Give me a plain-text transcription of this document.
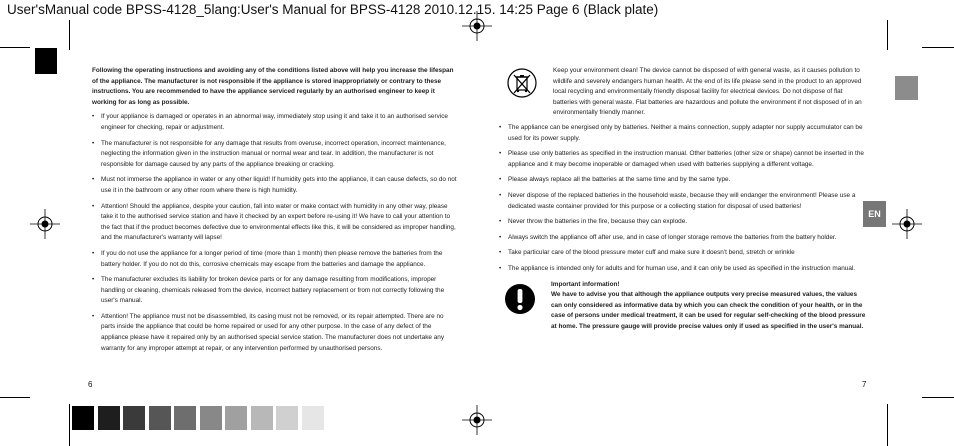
User'sManual code BPSS-4128_5lang:User's Manual for BPSS-4128 2010.12.15. 14:25 Page 6 (Black plate)
EN

Following the operating instructions and avoiding any of the conditions listed above will help you increase the lifespan of the appliance. The manufacturer is not responsible if the appliance is stored inappropriately or contrary to these instructions. You are recommended to have the appliance serviced regularly by an authorised engineer to keep it working for as long as possible.

• If your appliance is damaged or operates in an abnormal way, immediately stop using it and take it to an authorised service engineer for checking, repair or adjustment.
• The manufacturer is not responsible for any damage that results from overuse, incorrect operation, incorrect maintenance, neglecting the information given in the instruction manual or normal wear and tear. In addition, the manufacturer is not responsible for damage caused by any parts of the appliance breaking or cracking.
• Must not immerse the appliance in water or any other liquid! If humidity gets into the appliance, it can cause defects, so do not use it in the bathroom or any other room where there is high humidity.
• Attention! Should the appliance, despite your caution, fall into water or make contact with humidity in any other way, please take it to the authorised service station and have it checked by an expert before re-using it! We have to call your attention to the fact that if the product becomes defective due to environmental effects like this, it will be considered as improper handling, and the manufacturer's warranty will lapse!
• If you do not use the appliance for a longer period of time (more than 1 month) then please remove the batteries from the battery holder. If you do not do this, corrosive chemicals may escape from the batteries and damage the appliance.
• The manufacturer excludes its liability for broken device parts or for any damage resulting from modifications, improper handling or cleaning, chemicals released from the device, incorrect battery replacement or from not correctly following the user's manual.
• Attention! The appliance must not be disassembled, its casing must not be removed, or its repair attempted. There are no parts inside the appliance that could be home repaired or used for any other purpose. In the case of any defect of the appliance please have it repaired only by an authorised special service station. The manufacturer does not undertake any warranty for any improper attempt at repair, or any intervention performed by unauthorised persons.
6
Keep your environment clean! The device cannot be disposed of with general waste, as it causes pollution to wildlife and severely endangers human health. At the end of its life please send in the product to an approved local recycling and environmentally friendly disposal facility for electrical devices. Do not dispose of flat batteries with general waste. Flat batteries are hazardous and pollute the environment if not disposed of in an environmentally friendly manner.
• The appliance can be energised only by batteries. Neither a mains connection, supply adapter nor supply accumulator can be used for its power supply.
• Please use only batteries as specified in the instruction manual. Other batteries (other size or shape) cannot be inserted in the appliance and it may become inoperable or damaged when used with batteries supplying a different voltage.
• Please always replace all the batteries at the same time and by the same type.
• Never dispose of the replaced batteries in the household waste, because they will endanger the environment! Please use a dedicated waste container provided for this purpose or a collecting station for disposal of used batteries!
• Never throw the batteries in the fire, because they can explode.
• Always switch the appliance off after use, and in case of longer storage remove the batteries from the battery holder.
• Take particular care of the blood pressure meter cuff and make sure it doesn't bend, stretch or wrinkle
• The appliance is intended only for adults and for human use, and it can only be used as specified in the instruction manual.
Important information!
We have to advise you that although the appliance outputs very precise measured values, the values can only considered as informative data by which you can check the condition of your health, or in the case of persons under medical treatment, it can be used for regular self-checking of the blood pressure at home. The pressure gauge will provide precise values only if used as specified in the user's manual.
7
